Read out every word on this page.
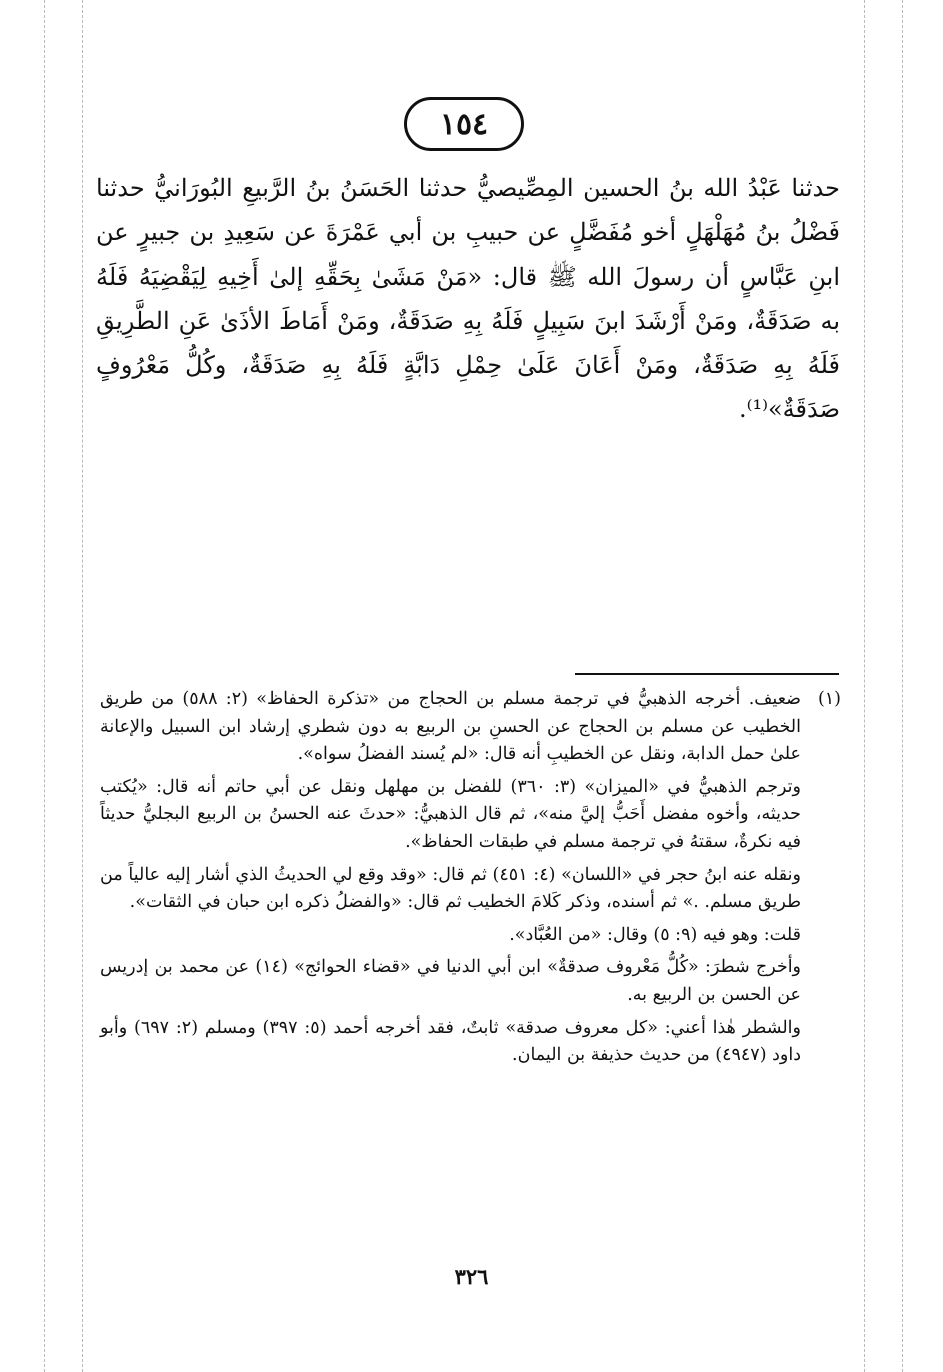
١٥٤
حدثنا عَبْدُ الله بنُ الحسين المِصِّيصيُّ حدثنا الحَسَنُ بنُ الرَّبيعِ البُورَانيُّ حدثنا فَضْلُ بنُ مُهَلْهَلٍ أخو مُفَضَّلٍ عن حبيبِ بن أبي عَمْرَةَ عن سَعِيدِ بن جبيرٍ عن ابنِ عَبَّاسٍ أن رسولَ الله ﷺ قال: «مَنْ مَشَىٰ بِحَقِّهِ إلىٰ أَخِيهِ لِيَقْضِيَهُ فَلَهُ به صَدَقَةٌ، ومَنْ أَرْشَدَ ابنَ سَبِيلٍ فَلَهُ بِهِ صَدَقَةٌ، ومَنْ أَمَاطَ الأذَىٰ عَنِ الطَّرِيقِ فَلَهُ بِهِ صَدَقَةٌ، ومَنْ أَعَانَ عَلَىٰ حِمْلِ دَابَّةٍ فَلَهُ بِهِ صَدَقَةٌ، وكُلُّ مَعْرُوفٍ صَدَقَةٌ»⁽¹⁾.
(١)
ضعيف. أخرجه الذهبيُّ في ترجمة مسلم بن الحجاج من «تذكرة الحفاظ» (٢: ٥٨٨) من طريق الخطيب عن مسلم بن الحجاج عن الحسنِ بن الربيع به دون شطري إرشاد ابن السبيل والإعانة علىٰ حمل الدابة، ونقل عن الخطيبِ أنه قال: «لم يُسند الفضلُ سواه».
وترجم الذهبيُّ في «الميزان» (٣: ٣٦٠) للفضل بن مهلهل ونقل عن أبي حاتم أنه قال: «يُكتب حديثه، وأخوه مفضل أَحَبُّ إليَّ منه»، ثم قال الذهبيُّ: «حدثَ عنه الحسنُ بن الربيع البجليُّ حديثاً فيه نكرةٌ، سقتهُ في ترجمة مسلم في طبقات الحفاظ».
ونقله عنه ابنُ حجر في «اللسان» (٤: ٤٥١) ثم قال: «وقد وقع لي الحديثُ الذي أشار إليه عالياً من طريق مسلم. .» ثم أسنده، وذكر كَلامَ الخطيب ثم قال: «والفضلُ ذكره ابن حبان في الثقات».
قلت: وهو فيه (٩: ٥) وقال: «من العُبَّاد».
وأخرج شطرَ: «كُلُّ مَعْروف صدقةٌ» ابن أبي الدنيا في «قضاء الحوائج» (١٤) عن محمد بن إدريس عن الحسن بن الربيع به.
والشطر هٰذا أعني: «كل معروف صدقة» ثابتٌ، فقد أخرجه أحمد (٥: ٣٩٧) ومسلم (٢: ٦٩٧) وأبو داود (٤٩٤٧) من حديث حذيفة بن اليمان.
٣٢٦
